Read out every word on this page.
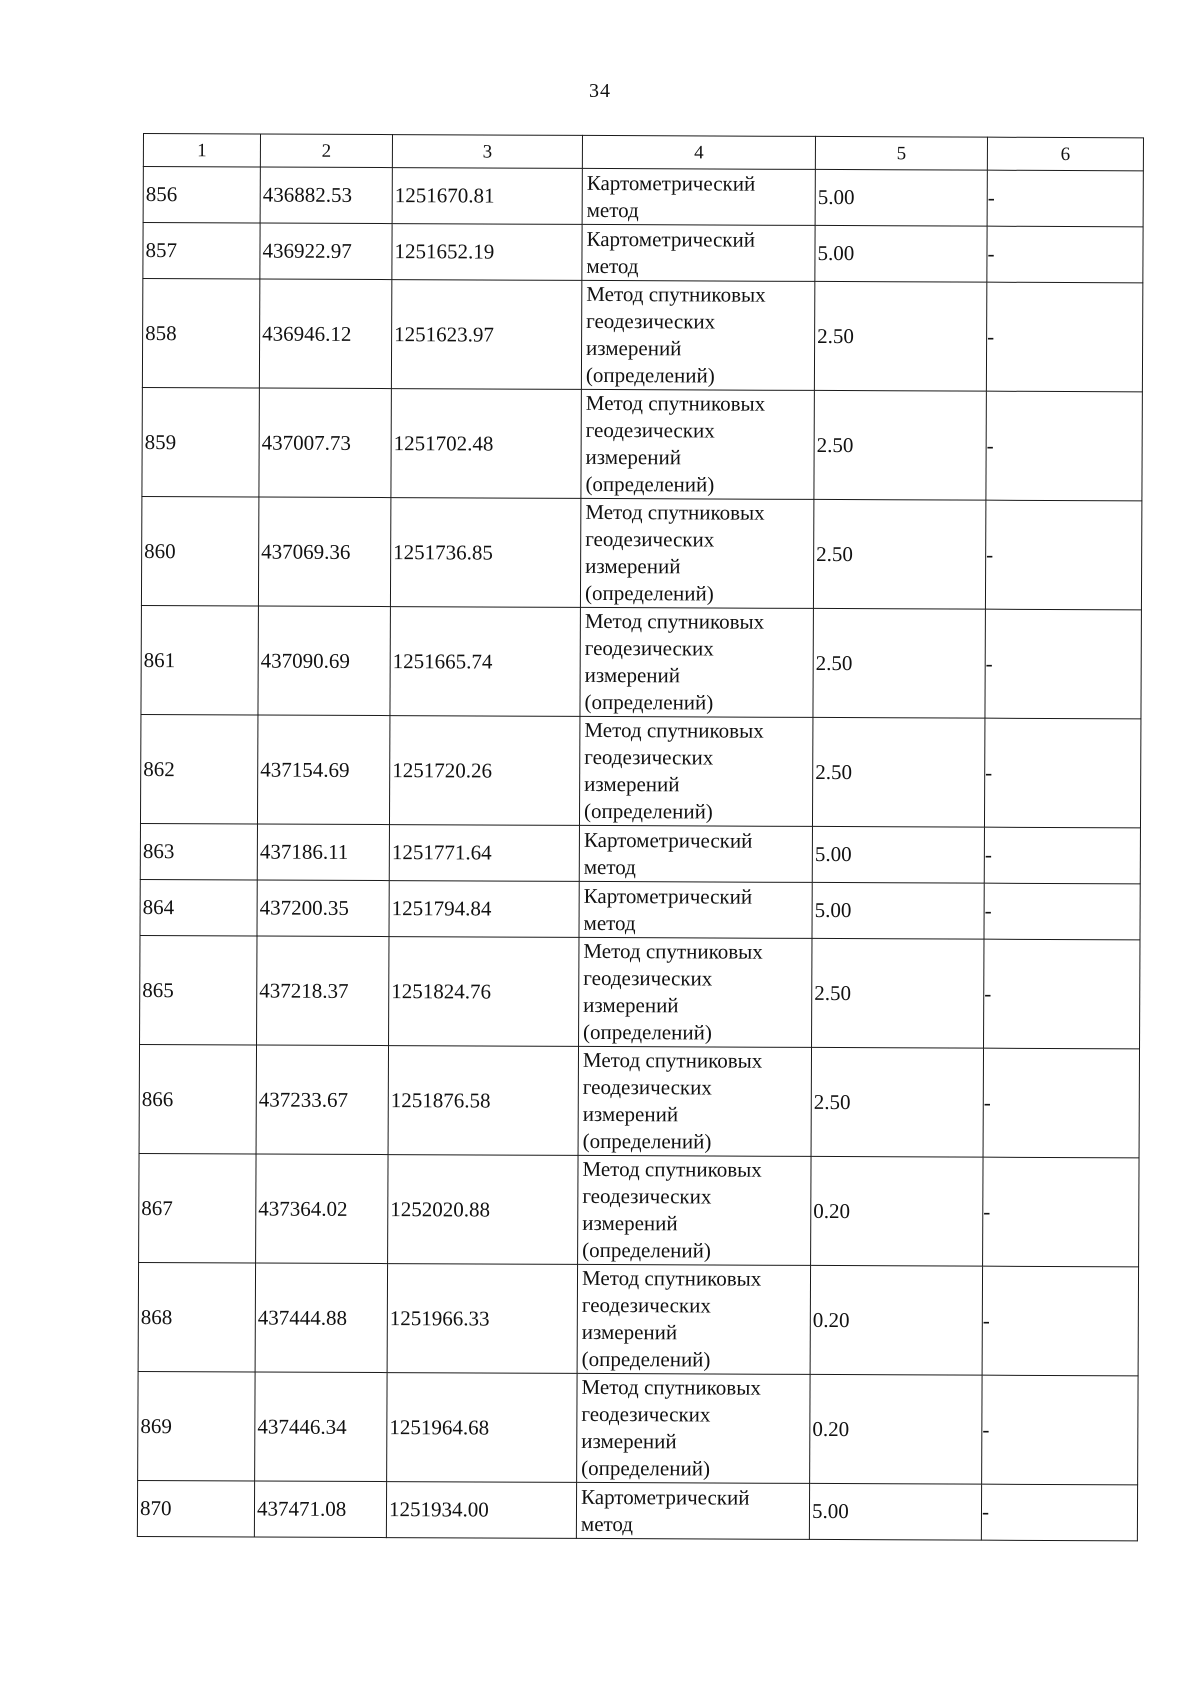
34
1	2	3	4	5	6
856	436882.53	1251670.81	Картометрический метод	5.00	-
857	436922.97	1251652.19	Картометрический метод	5.00	-
858	436946.12	1251623.97	Метод спутниковых геодезических измерений (определений)	2.50	-
859	437007.73	1251702.48	Метод спутниковых геодезических измерений (определений)	2.50	-
860	437069.36	1251736.85	Метод спутниковых геодезических измерений (определений)	2.50	-
861	437090.69	1251665.74	Метод спутниковых геодезических измерений (определений)	2.50	-
862	437154.69	1251720.26	Метод спутниковых геодезических измерений (определений)	2.50	-
863	437186.11	1251771.64	Картометрический метод	5.00	-
864	437200.35	1251794.84	Картометрический метод	5.00	-
865	437218.37	1251824.76	Метод спутниковых геодезических измерений (определений)	2.50	-
866	437233.67	1251876.58	Метод спутниковых геодезических измерений (определений)	2.50	-
867	437364.02	1252020.88	Метод спутниковых геодезических измерений (определений)	0.20	-
868	437444.88	1251966.33	Метод спутниковых геодезических измерений (определений)	0.20	-
869	437446.34	1251964.68	Метод спутниковых геодезических измерений (определений)	0.20	-
870	437471.08	1251934.00	Картометрический метод	5.00	-
